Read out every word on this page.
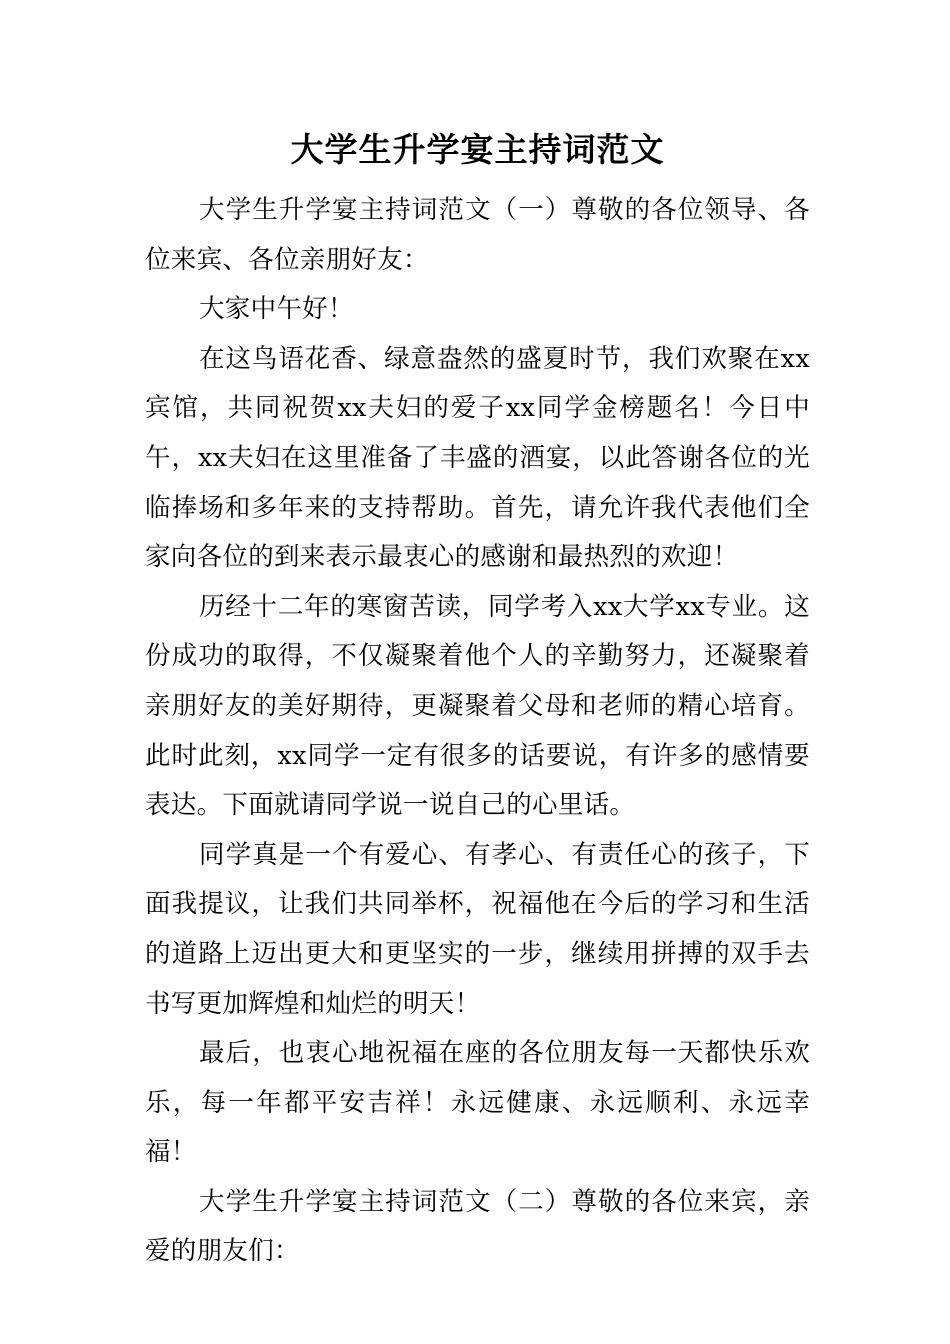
大学生升学宴主持词范文

大学生升学宴主持词范文（一）尊敬的各位领导、各位来宾、各位亲朋好友：

大家中午好！

在这鸟语花香、绿意盎然的盛夏时节，我们欢聚在xx宾馆，共同祝贺xx夫妇的爱子xx同学金榜题名！今日中午，xx夫妇在这里准备了丰盛的酒宴，以此答谢各位的光临捧场和多年来的支持帮助。首先，请允许我代表他们全家向各位的到来表示最衷心的感谢和最热烈的欢迎！

历经十二年的寒窗苦读，同学考入xx大学xx专业。这份成功的取得，不仅凝聚着他个人的辛勤努力，还凝聚着亲朋好友的美好期待，更凝聚着父母和老师的精心培育。此时此刻，xx同学一定有很多的话要说，有许多的感情要表达。下面就请同学说一说自己的心里话。

同学真是一个有爱心、有孝心、有责任心的孩子，下面我提议，让我们共同举杯，祝福他在今后的学习和生活的道路上迈出更大和更坚实的一步，继续用拼搏的双手去书写更加辉煌和灿烂的明天！

最后，也衷心地祝福在座的各位朋友每一天都快乐欢乐，每一年都平安吉祥！永远健康、永远顺利、永远幸福！

大学生升学宴主持词范文（二）尊敬的各位来宾，亲爱的朋友们：
